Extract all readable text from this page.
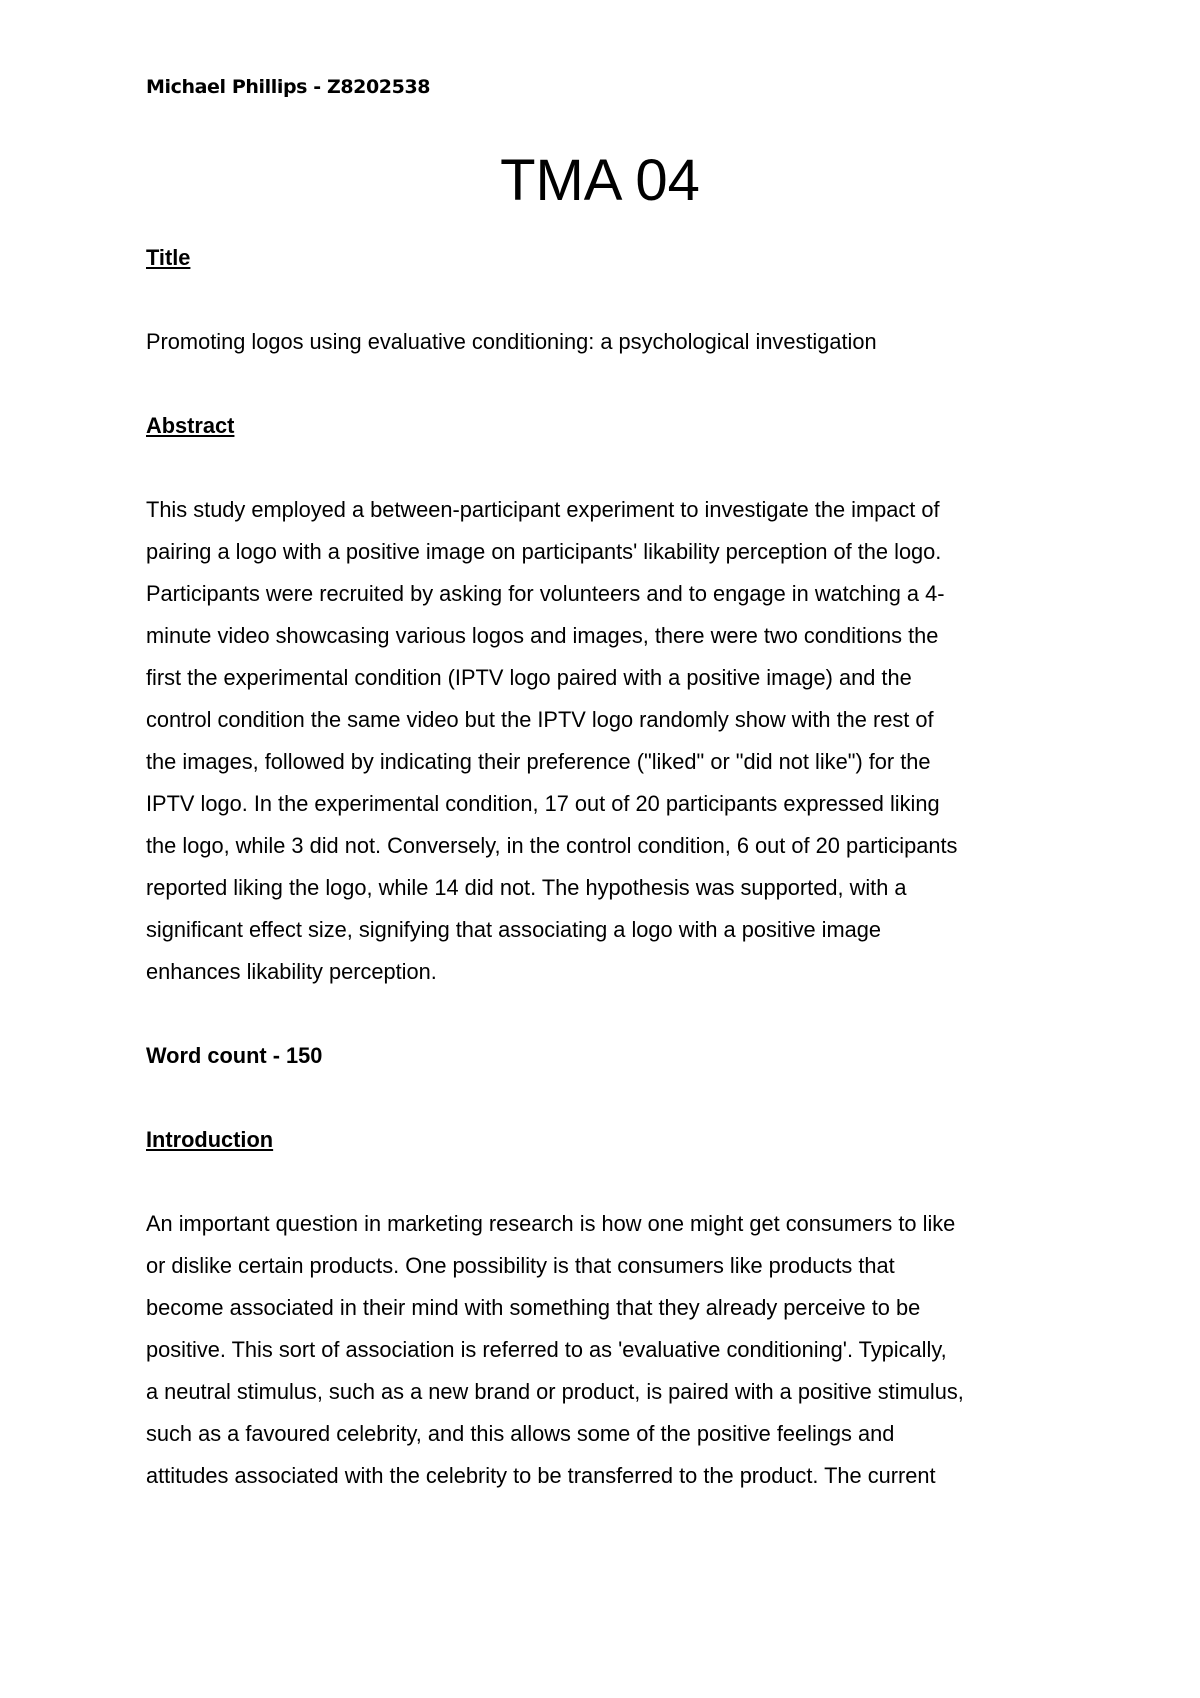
Michael Phillips - Z8202538

TMA 04
Title

Promoting logos using evaluative conditioning: a psychological investigation

Abstract

This study employed a between-participant experiment to investigate the impact of
pairing a logo with a positive image on participants' likability perception of the logo.
Participants were recruited by asking for volunteers and to engage in watching a 4-
minute video showcasing various logos and images, there were two conditions the
first the experimental condition (IPTV logo paired with a positive image) and the
control condition the same video but the IPTV logo randomly show with the rest of
the images, followed by indicating their preference ("liked" or "did not like") for the
IPTV logo. In the experimental condition, 17 out of 20 participants expressed liking
the logo, while 3 did not. Conversely, in the control condition, 6 out of 20 participants
reported liking the logo, while 14 did not. The hypothesis was supported, with a
significant effect size, signifying that associating a logo with a positive image
enhances likability perception.

Word count - 150
Introduction

An important question in marketing research is how one might get consumers to like
or dislike certain products. One possibility is that consumers like products that
become associated in their mind with something that they already perceive to be
positive. This sort of association is referred to as 'evaluative conditioning'. Typically,
a neutral stimulus, such as a new brand or product, is paired with a positive stimulus,
such as a favoured celebrity, and this allows some of the positive feelings and
attitudes associated with the celebrity to be transferred to the product. The current
